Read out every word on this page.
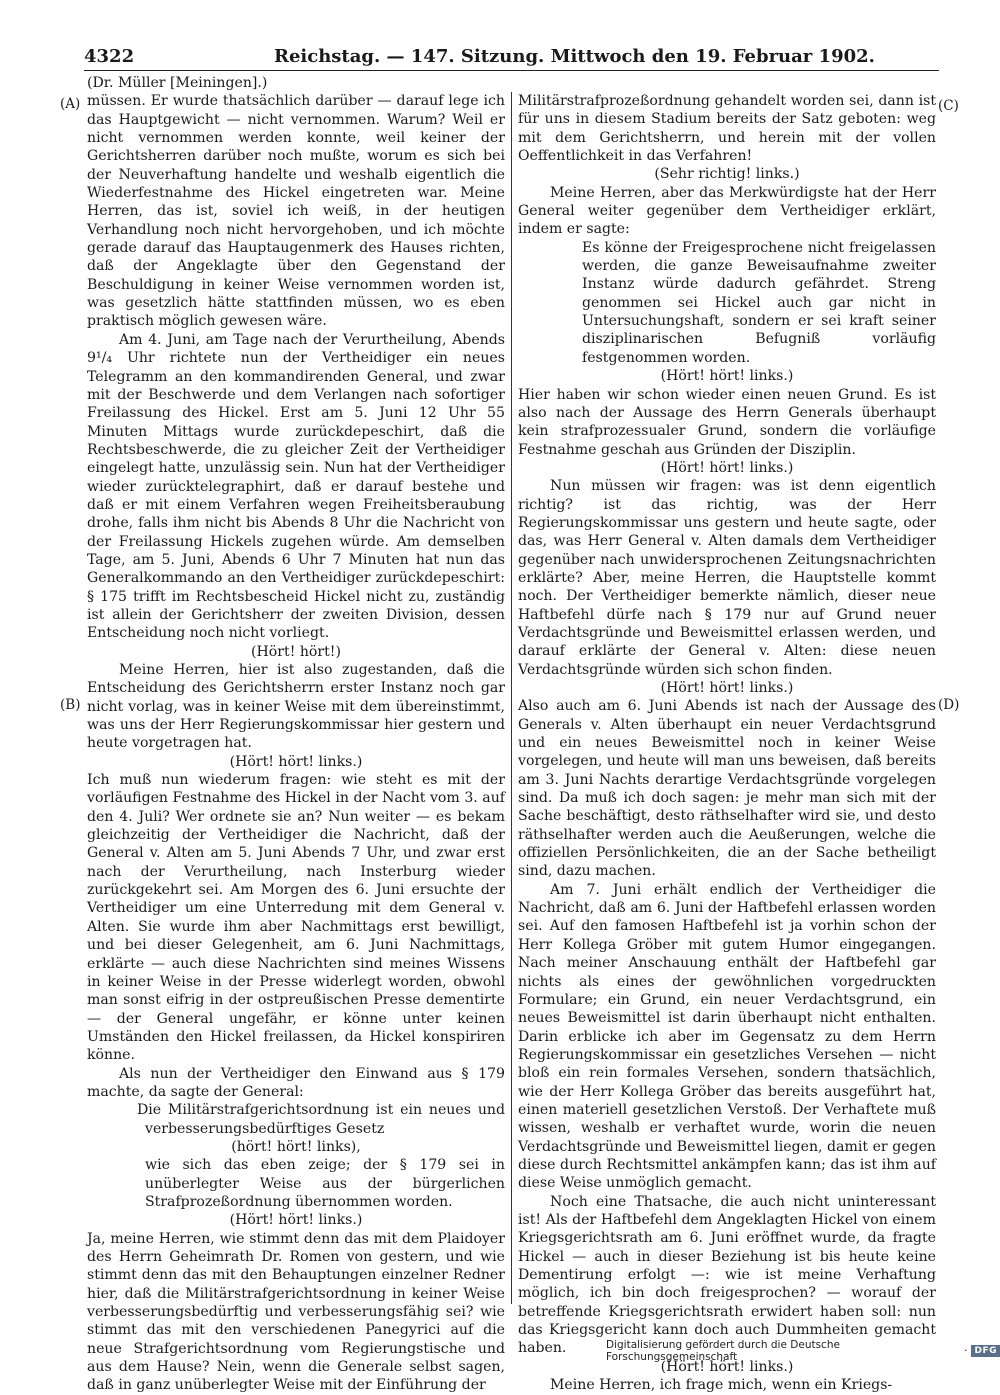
4322	Reichstag. — 147. Sitzung. Mittwoch den 19. Februar 1902.
(A)
(B)
(C)
(D)

(Dr. Müller [Meiningen].)

müssen. Er wurde thatsächlich darüber — darauf lege ich das Hauptgewicht — nicht vernommen. Warum? Weil er nicht vernommen werden konnte, weil keiner der Gerichtsherren darüber noch mußte, worum es sich bei der Neuverhaftung handelte und weshalb eigentlich die Wiederfestnahme des Hickel eingetreten war. Meine Herren, das ist, soviel ich weiß, in der heutigen Verhandlung noch nicht hervorgehoben, und ich möchte gerade darauf das Hauptaugenmerk des Hauses richten, daß der Angeklagte über den Gegenstand der Beschuldigung in keiner Weise vernommen worden ist, was gesetzlich hätte stattfinden müssen, wo es eben praktisch möglich gewesen wäre.

Am 4. Juni, am Tage nach der Verurtheilung, Abends 9¹/₄ Uhr richtete nun der Vertheidiger ein neues Telegramm an den kommandirenden General, und zwar mit der Beschwerde und dem Verlangen nach sofortiger Freilassung des Hickel. Erst am 5. Juni 12 Uhr 55 Minuten Mittags wurde zurückdepeschirt, daß die Rechtsbeschwerde, die zu gleicher Zeit der Vertheidiger eingelegt hatte, unzulässig sein. Nun hat der Vertheidiger wieder zurücktelegraphirt, daß er darauf bestehe und daß er mit einem Verfahren wegen Freiheitsberaubung drohe, falls ihm nicht bis Abends 8 Uhr die Nachricht von der Freilassung Hickels zugehen würde. Am demselben Tage, am 5. Juni, Abends 6 Uhr 7 Minuten hat nun das Generalkommando an den Vertheidiger zurückdepeschirt: § 175 trifft im Rechtsbescheid Hickel nicht zu, zuständig ist allein der Gerichtsherr der zweiten Division, dessen Entscheidung noch nicht vorliegt.

(Hört! hört!)

Meine Herren, hier ist also zugestanden, daß die Entscheidung des Gerichtsherrn erster Instanz noch gar nicht vorlag, was in keiner Weise mit dem übereinstimmt, was uns der Herr Regierungskommissar hier gestern und heute vorgetragen hat.

(Hört! hört! links.)

Ich muß nun wiederum fragen: wie steht es mit der vorläufigen Festnahme des Hickel in der Nacht vom 3. auf den 4. Juli? Wer ordnete sie an? Nun weiter — es bekam gleichzeitig der Vertheidiger die Nachricht, daß der General v. Alten am 5. Juni Abends 7 Uhr, und zwar erst nach der Verurtheilung, nach Insterburg wieder zurückgekehrt sei. Am Morgen des 6. Juni ersuchte der Vertheidiger um eine Unterredung mit dem General v. Alten. Sie wurde ihm aber Nachmittags erst bewilligt, und bei dieser Gelegenheit, am 6. Juni Nachmittags, erklärte — auch diese Nachrichten sind meines Wissens in keiner Weise in der Presse widerlegt worden, obwohl man sonst eifrig in der ostpreußischen Presse dementirte — der General ungefähr, er könne unter keinen Umständen den Hickel freilassen, da Hickel konspiriren könne.

Als nun der Vertheidiger den Einwand aus § 179 machte, da sagte der General:

Die Militärstrafgerichtsordnung ist ein neues und verbesserungsbedürftiges Gesetz

(hört! hört! links),

wie sich das eben zeige; der § 179 sei in unüberlegter Weise aus der bürgerlichen Strafprozeßordnung übernommen worden.

(Hört! hört! links.)

Ja, meine Herren, wie stimmt denn das mit dem Plaidoyer des Herrn Geheimrath Dr. Romen von gestern, und wie stimmt denn das mit den Behauptungen einzelner Redner hier, daß die Militärstrafgerichtsordnung in keiner Weise verbesserungsbedürftig und verbesserungsfähig sei? wie stimmt das mit den verschiedenen Panegyrici auf die neue Strafgerichtsordnung vom Regierungstische und aus dem Hause? Nein, wenn die Generale selbst sagen, daß in ganz unüberlegter Weise mit der Einführung der

Militärstrafprozeßordnung gehandelt worden sei, dann ist für uns in diesem Stadium bereits der Satz geboten: weg mit dem Gerichtsherrn, und herein mit der vollen Oeffentlichkeit in das Verfahren!

(Sehr richtig! links.)

Meine Herren, aber das Merkwürdigste hat der Herr General weiter gegenüber dem Vertheidiger erklärt, indem er sagte:

Es könne der Freigesprochene nicht freigelassen werden, die ganze Beweisaufnahme zweiter Instanz würde dadurch gefährdet. Streng genommen sei Hickel auch gar nicht in Untersuchungshaft, sondern er sei kraft seiner disziplinarischen Befugniß vorläufig festgenommen worden.

(Hört! hört! links.)

Hier haben wir schon wieder einen neuen Grund. Es ist also nach der Aussage des Herrn Generals überhaupt kein strafprozessualer Grund, sondern die vorläufige Festnahme geschah aus Gründen der Disziplin.

(Hört! hört! links.)

Nun müssen wir fragen: was ist denn eigentlich richtig? ist das richtig, was der Herr Regierungskommissar uns gestern und heute sagte, oder das, was Herr General v. Alten damals dem Vertheidiger gegenüber nach unwidersprochenen Zeitungsnachrichten erklärte? Aber, meine Herren, die Hauptstelle kommt noch. Der Vertheidiger bemerkte nämlich, dieser neue Haftbefehl dürfe nach § 179 nur auf Grund neuer Verdachtsgründe und Beweismittel erlassen werden, und darauf erklärte der General v. Alten: diese neuen Verdachtsgründe würden sich schon finden.

(Hört! hört! links.)

Also auch am 6. Juni Abends ist nach der Aussage des Generals v. Alten überhaupt ein neuer Verdachtsgrund und ein neues Beweismittel noch in keiner Weise vorgelegen, und heute will man uns beweisen, daß bereits am 3. Juni Nachts derartige Verdachtsgründe vorgelegen sind. Da muß ich doch sagen: je mehr man sich mit der Sache beschäftigt, desto räthselhafter wird sie, und desto räthselhafter werden auch die Aeußerungen, welche die offiziellen Persönlichkeiten, die an der Sache betheiligt sind, dazu machen.

Am 7. Juni erhält endlich der Vertheidiger die Nachricht, daß am 6. Juni der Haftbefehl erlassen worden sei. Auf den famosen Haftbefehl ist ja vorhin schon der Herr Kollega Gröber mit gutem Humor eingegangen. Nach meiner Anschauung enthält der Haftbefehl gar nichts als eines der gewöhnlichen vorgedruckten Formulare; ein Grund, ein neuer Verdachtsgrund, ein neues Beweismittel ist darin überhaupt nicht enthalten. Darin erblicke ich aber im Gegensatz zu dem Herrn Regierungskommissar ein gesetzliches Versehen — nicht bloß ein rein formales Versehen, sondern thatsächlich, wie der Herr Kollega Gröber das bereits ausgeführt hat, einen materiell gesetzlichen Verstoß. Der Verhaftete muß wissen, weshalb er verhaftet wurde, worin die neuen Verdachtsgründe und Beweismittel liegen, damit er gegen diese durch Rechtsmittel ankämpfen kann; das ist ihm auf diese Weise unmöglich gemacht.

Noch eine Thatsache, die auch nicht uninteressant ist! Als der Haftbefehl dem Angeklagten Hickel von einem Kriegsgerichtsrath am 6. Juni eröffnet wurde, da fragte Hickel — auch in dieser Beziehung ist bis heute keine Dementirung erfolgt —: wie ist meine Verhaftung möglich, ich bin doch freigesprochen? — worauf der betreffende Kriegsgerichtsrath erwidert haben soll: nun das Kriegsgericht kann doch auch Dummheiten gemacht haben.

(Hört! hört! links.)

Meine Herren, ich frage mich, wenn ein Kriegs-

Digitalisierung gefördert durch die Deutsche Forschungsgemeinschaft	· DFG
